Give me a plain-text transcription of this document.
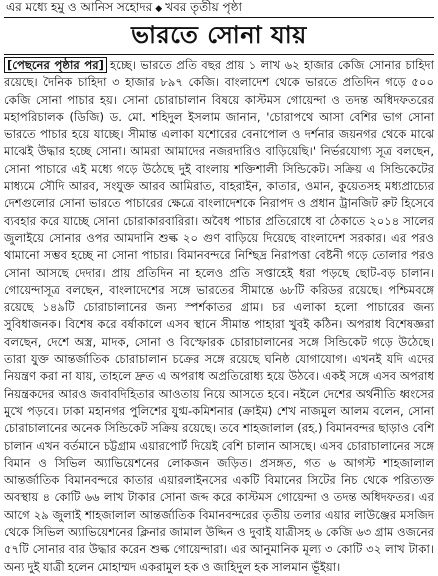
এর মধ্যে হমু ও আনিস সহোদর ◆ খবর তৃতীয় পৃষ্ঠা
ভারতে সোনা যায়
[পেছনের পৃষ্ঠার পর] হচ্ছে। ভারতে প্রতি বছর প্রায় ১ লাখ ৬২ হাজার কেজি সোনার চাহিদা রয়েছে। দৈনিক চাহিদা ৩ হাজার ৮৯৭ কেজি। বাংলাদেশ থেকে ভারতে প্রতিদিন গড়ে ৫০০ কেজি সোনা পাচার হয়। সোনা চোরাচালান বিষয়ে কাস্টমস গোয়েন্দা ও তদন্ত অধিদফতরের মহাপরিচালক (ডিজি) ড. মো. শহিদুল ইসলাম জানান, 'চোরাপথে আসা বেশির ভাগ সোনা ভারতে পাচার হয়ে যাচ্ছে। সীমান্ত এলাকা যশোরের বেনাপোল ও দর্শনার জয়নগর থেকে মাঝে মাঝেই উদ্ধার হচ্ছে সোনা। আমরা আমাদের নজরদারিও বাড়িয়েছি।' নির্ভরযোগ্য সূত্র বলছেন, সোনা পাচারে এই মধ্যে গড়ে উঠেছে দুই বাংলায় শক্তিশালী সিন্ডিকেট। সক্রিয় এ সিন্ডিকেটের মাধ্যমে সৌদি আরব, সংযুক্ত আরব আমিরাত, বাহরাইন, কাতার, ওমান, কুয়েতসহ মধ্যপ্রাচ্যের দেশগুলোর সোনা ভারতে পাচারের ক্ষেত্রে বাংলাদেশকে নিরাপদ ও প্রধান ট্রানজিট রুট হিসেবে ব্যবহার করে যাচ্ছে সোনা চোরাকারবারিরা। অবৈধ পাচার প্রতিরোধে বা ঠেকাতে ২০১৪ সালের জুলাইয়ে সোনার ওপর আমদানি শুল্ক ২০ গুণ বাড়িয়ে দিয়েছে বাংলাদেশ সরকার। এর পরও থামানো সম্ভব হচ্ছে না সোনা পাচার। বিমানবন্দরে নিশ্ছিদ্র নিরাপত্তা বেষ্টনী গড়ে তোলার পরও সোনা আসছে দেদার। প্রায় প্রতিদিন না হলেও প্রতি সপ্তাহেই ধরা পড়ছে ছোট-বড় চালান। গোয়েন্দাসূত্র বলছেন, বাংলাদেশের সঙ্গে ভারতের সীমান্তে ৬৮টি করিডর রয়েছে। পশ্চিমবঙ্গে রয়েছে ১৪৯টি চোরাচালানের জন্য স্পর্শকাতর গ্রাম। চর এলাকা হলো পাচারের জন্য সুবিধাজনক। বিশেষ করে বর্ষাকালে এসব স্থানে সীমান্ত পাহারা খুবই কঠিন। অপরাধ বিশেষজ্ঞরা বলছেন, দেশে অস্ত্র, মাদক, সোনা ও বিস্ফোরক চোরাচালানের সঙ্গে সিন্ডিকেট গড়ে উঠেছে। তারা যুক্ত আন্তর্জাতিক চোরাচালান চক্রের সঙ্গে রয়েছে ঘনিষ্ঠ যোগাযোগ। এখনই যদি এদের নিয়ন্ত্রণ করা না যায়, তাহলে দ্রুত এ অপরাধ অপ্রতিরোধ্য হয়ে উঠবে। একই সঙ্গে এসব অপরাধ নিয়ন্ত্রকদের আরও জবাবদিহিতার আওতায় নিয়ে আসতে হবে। নইলে দেশের অর্থনীতি ধ্বংসের মুখে পড়বে। ঢাকা মহানগর পুলিশের যুগ্ম-কমিশনার (ক্রাইম) শেখ নাজমুল আলম বলেন, সোনা চোরাচালানের অনেক সিন্ডিকেট সক্রিয় রয়েছে। তবে শাহজালাল (রহ.) বিমানবন্দর ছাড়াও বেশি চালান এখন বর্তমানে চট্টগ্রাম এয়ারপোর্ট দিয়েই বেশি চালান আসছে। এসব চোরাচালানের সঙ্গে বিমান ও সিভিল অ্যাভিয়েশনের লোকজন জড়িত। প্রসঙ্গত, গত ৬ আগস্ট শাহজালাল আন্তর্জাতিক বিমানবন্দরে কাতার এয়ারলাইনসের একটি বিমানের সিটের নিচ থেকে পরিত্যক্ত অবস্থায় ৪ কোটি ৬৬ লাখ টাকার সোনা জব্দ করে কাস্টমস গোয়েন্দা ও তদন্ত অধিদফতর। এর আগে ২৯ জুলাই শাহজালাল আন্তর্জাতিক বিমানবন্দরের তৃতীয় তলার এয়ার লাউঞ্জের মসজিদ থেকে সিভিল অ্যাভিয়েশনের ক্লিনার জামাল উদ্দিন ও দুবাই যাত্রীসহ ৬ কেজি ৬৩ গ্রাম ওজনের ৫৭টি সোনার বার উদ্ধার করেন শুল্ক গোয়েন্দারা। এর আনুমানিক মূল্য ৩ কোটি ৩২ লাখ টাকা। অন্য দুই যাত্রী হলেন মোহাম্মদ একরামুল হক ও জাহিদুল হক সালমান ভূঁইয়া।
